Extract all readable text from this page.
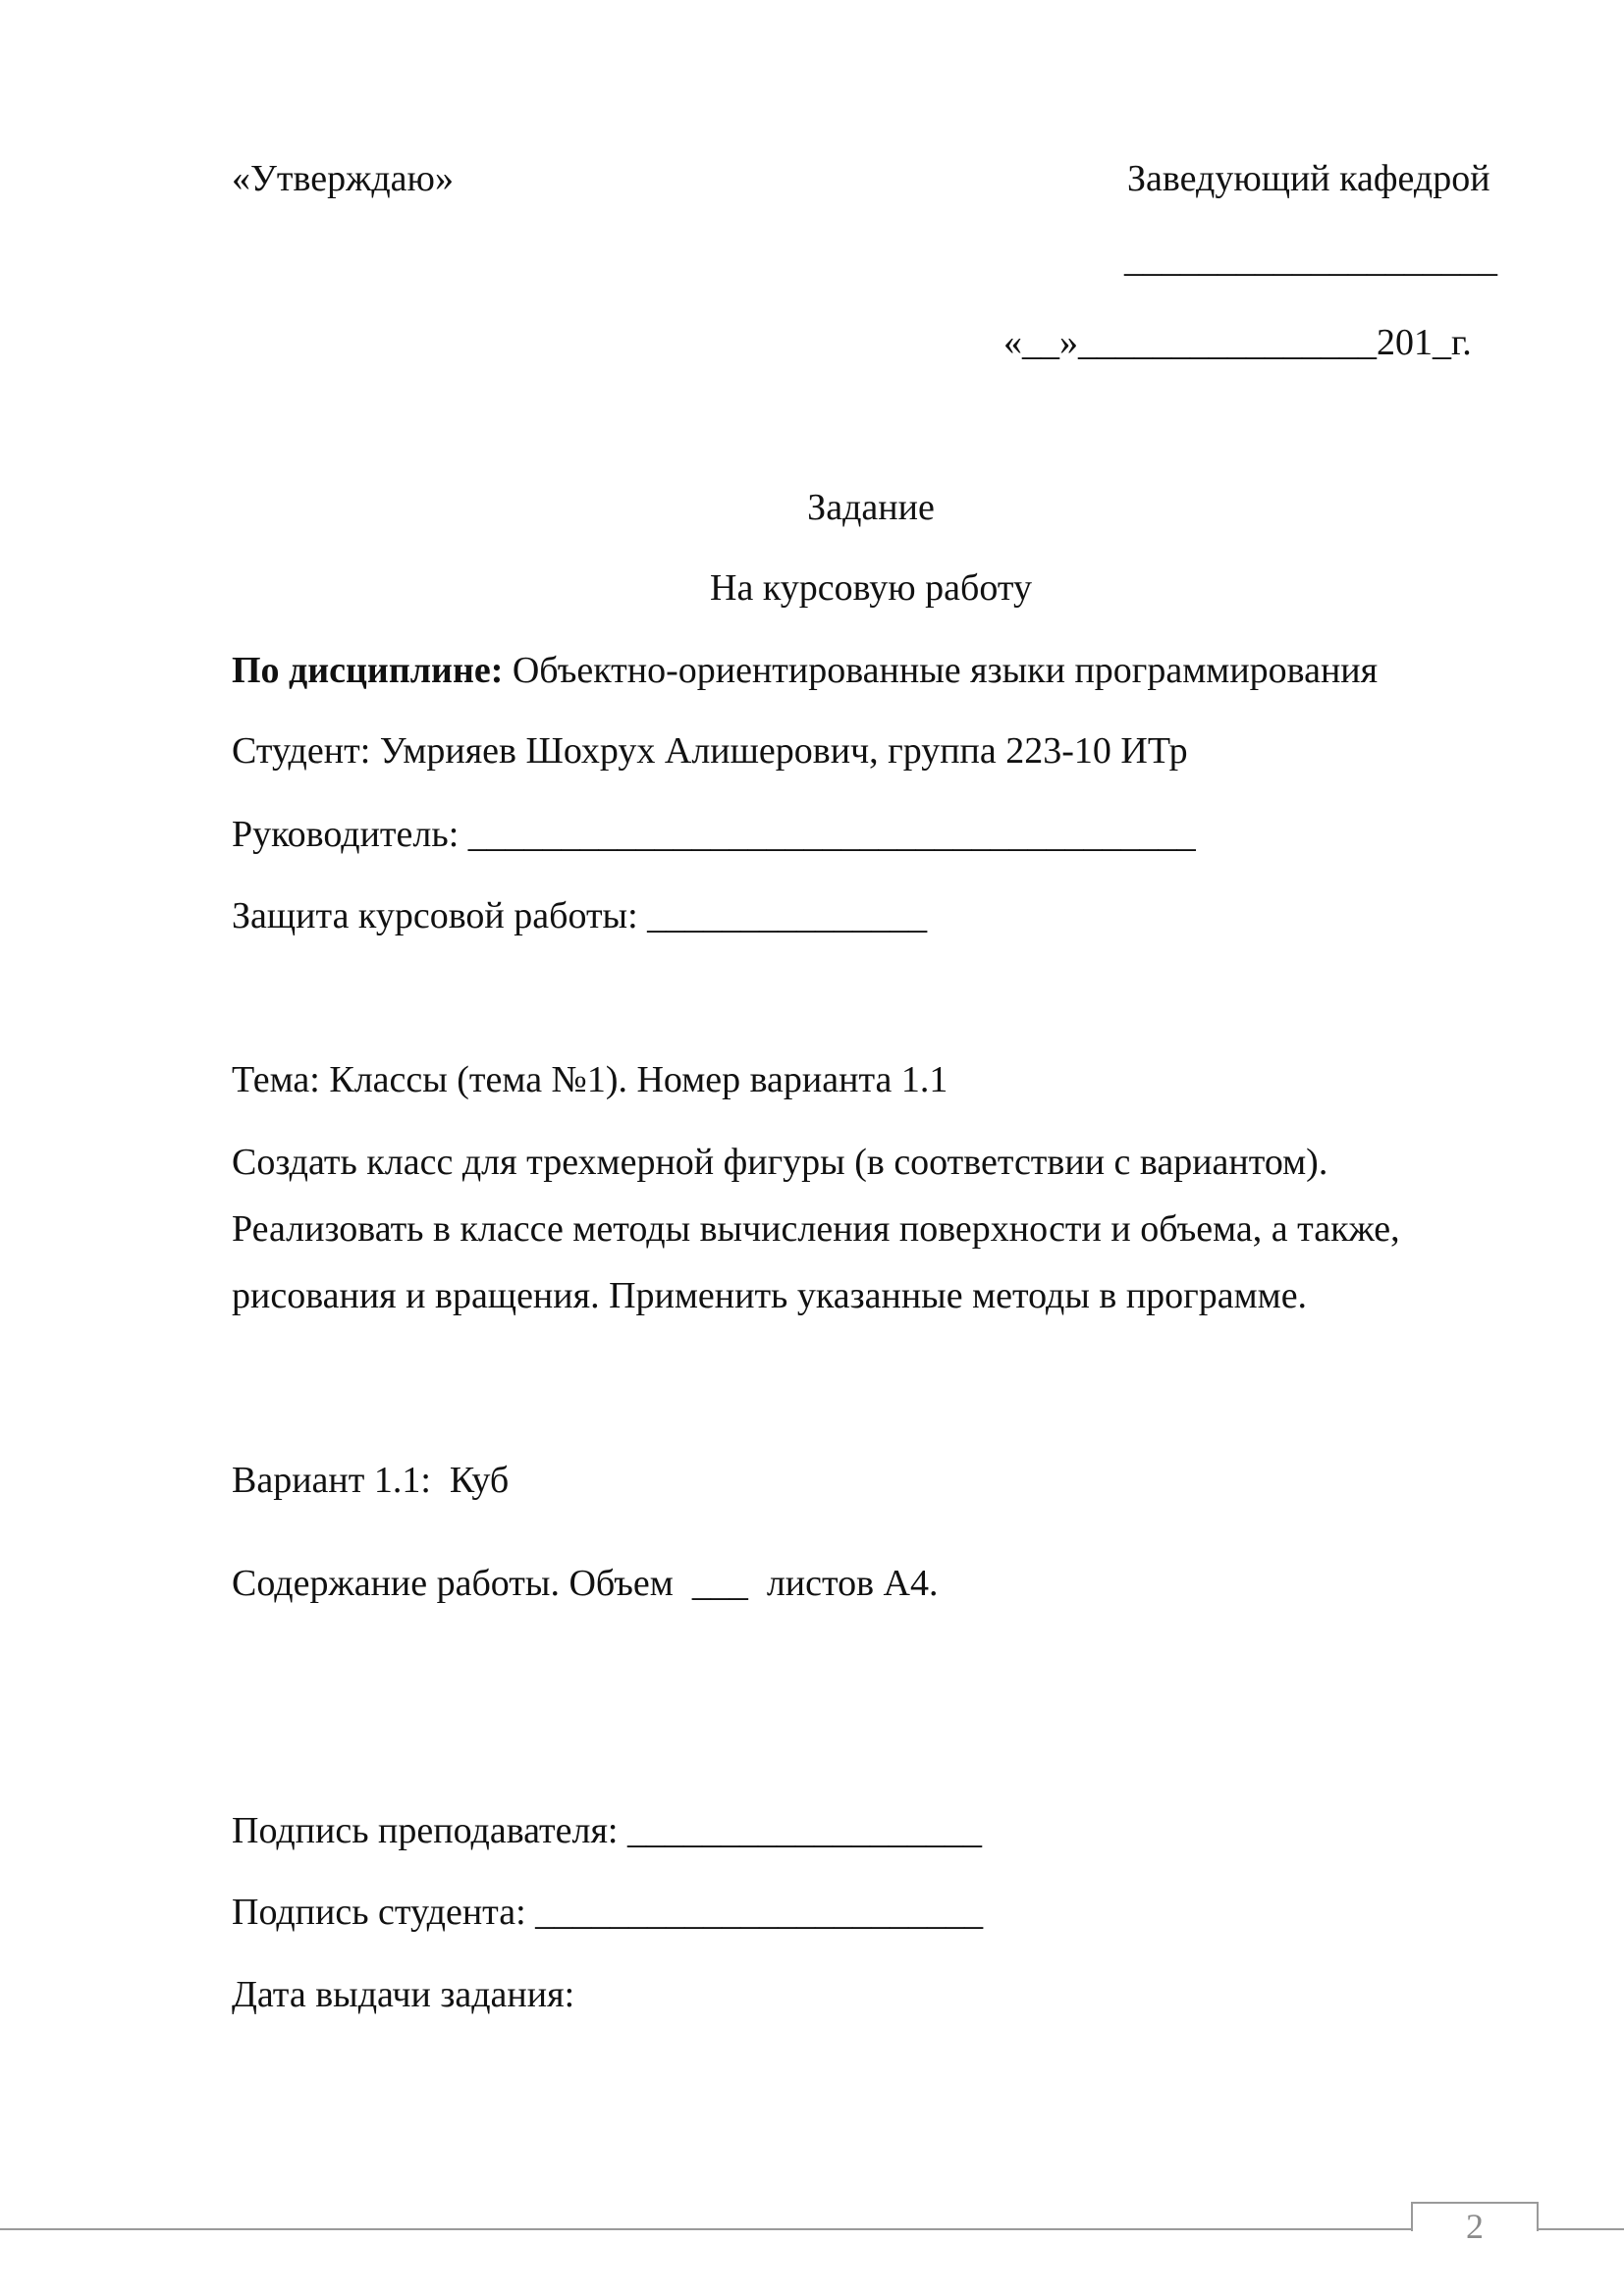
«Утверждаю»	Заведующий кафедрой
____________________
«__»________________201_г.
Задание
На курсовую работу
По дисциплине: Объектно-ориентированные языки программирования
Студент: Умрияев Шохрух Алишерович, группа 223-10 ИТр
Руководитель: _______________________________________
Защита курсовой работы: _______________
Тема: Классы (тема №1). Номер варианта 1.1
Создать класс для трехмерной фигуры (в соответствии с вариантом).
Реализовать в классе методы вычисления поверхности и объема, а также,
рисования и вращения. Применить указанные методы в программе.
Вариант 1.1:  Куб
Содержание работы. Объем  ___  листов А4.
Подпись преподавателя: ___________________
Подпись студента: ________________________
Дата выдачи задания:
2
